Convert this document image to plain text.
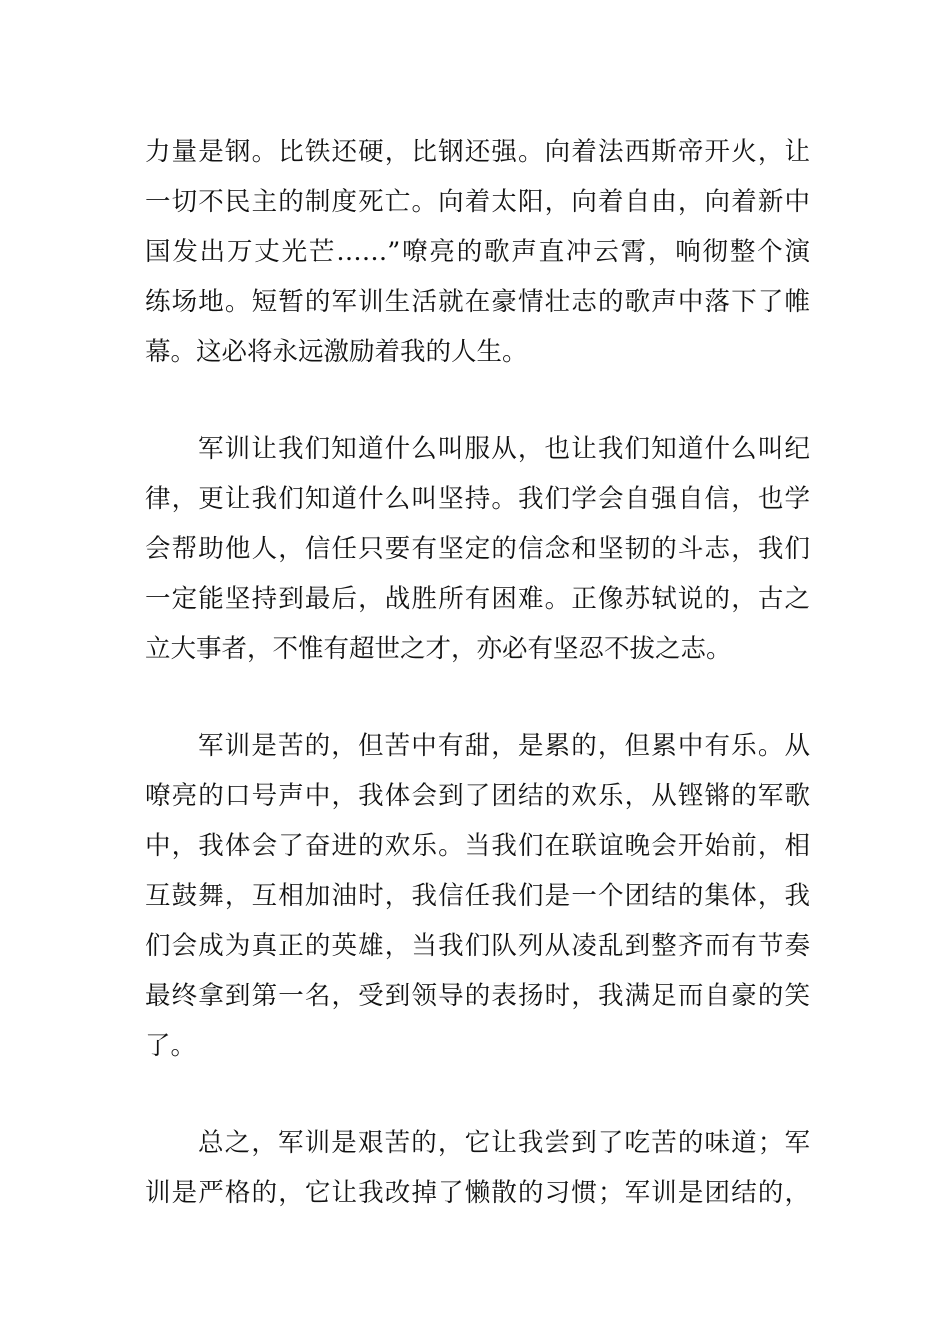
力量是钢。比铁还硬，比钢还强。向着法西斯帝开火，让
一切不民主的制度死亡。向着太阳，向着自由，向着新中
国发出万丈光芒……”嘹亮的歌声直冲云霄，响彻整个演
练场地。短暂的军训生活就在豪情壮志的歌声中落下了帷
幕。这必将永远激励着我的人生。
军训让我们知道什么叫服从，也让我们知道什么叫纪
律，更让我们知道什么叫坚持。我们学会自强自信，也学
会帮助他人，信任只要有坚定的信念和坚韧的斗志，我们
一定能坚持到最后，战胜所有困难。正像苏轼说的，古之
立大事者，不惟有超世之才，亦必有坚忍不拔之志。
军训是苦的，但苦中有甜，是累的，但累中有乐。从
嘹亮的口号声中，我体会到了团结的欢乐，从铿锵的军歌
中，我体会了奋进的欢乐。当我们在联谊晚会开始前，相
互鼓舞，互相加油时，我信任我们是一个团结的集体，我
们会成为真正的英雄，当我们队列从凌乱到整齐而有节奏
最终拿到第一名，受到领导的表扬时，我满足而自豪的笑
了。
总之，军训是艰苦的，它让我尝到了吃苦的味道；军
训是严格的，它让我改掉了懒散的习惯；军训是团结的，
